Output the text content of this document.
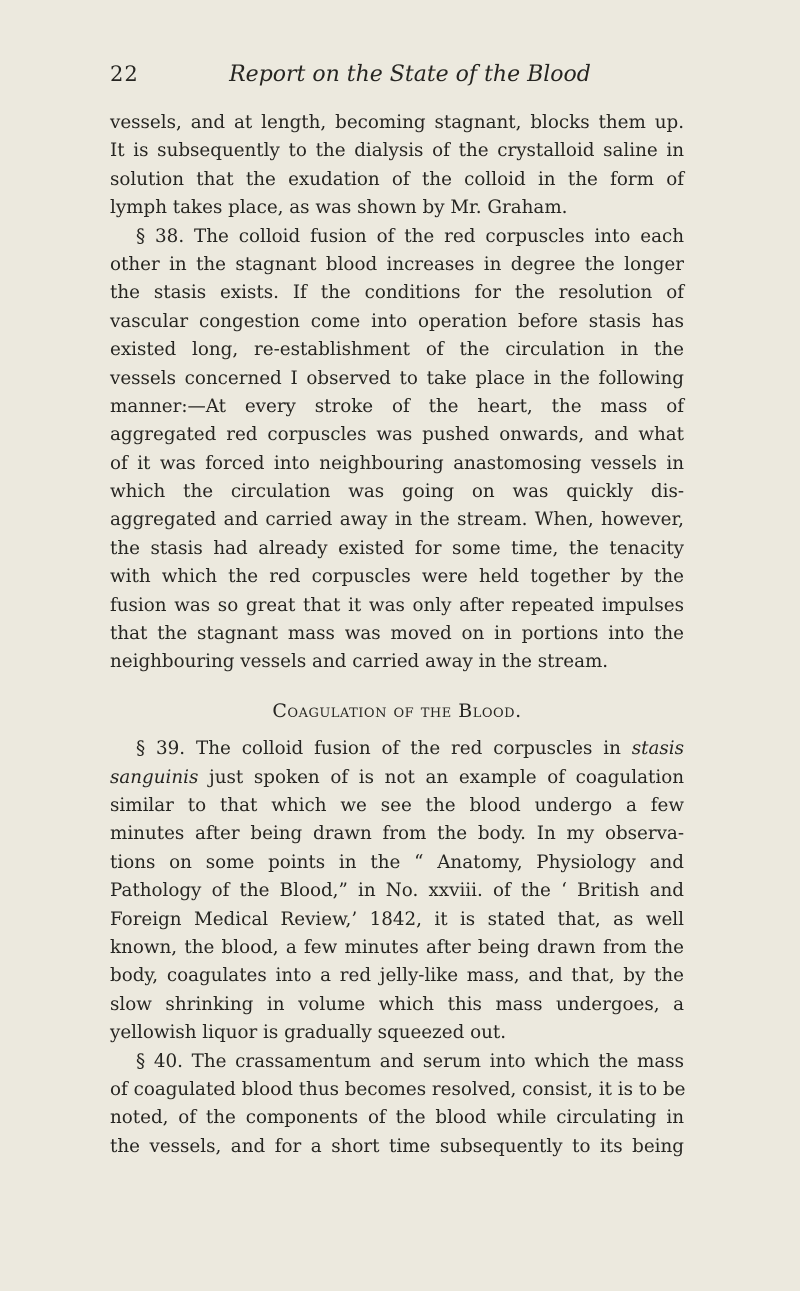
22	Report on the State of the Blood
vessels, and at length, becoming stagnant, blocks them up.
It is subsequently to the dialysis of the crystalloid saline in
solution that the exudation of the colloid in the form of
lymph takes place, as was shown by Mr. Graham.
§ 38. The colloid fusion of the red corpuscles into each
other in the stagnant blood increases in degree the longer
the stasis exists. If the conditions for the resolution of
vascular congestion come into operation before stasis has
existed long, re-establishment of the circulation in the
vessels concerned I observed to take place in the following
manner:—At every stroke of the heart, the mass of
aggregated red corpuscles was pushed onwards, and what
of it was forced into neighbouring anastomosing vessels in
which the circulation was going on was quickly dis-
aggregated and carried away in the stream. When, however,
the stasis had already existed for some time, the tenacity
with which the red corpuscles were held together by the
fusion was so great that it was only after repeated impulses
that the stagnant mass was moved on in portions into the
neighbouring vessels and carried away in the stream.
Coagulation of the Blood.
§ 39. The colloid fusion of the red corpuscles in stasis
sanguinis just spoken of is not an example of coagulation
similar to that which we see the blood undergo a few
minutes after being drawn from the body. In my observa-
tions on some points in the “ Anatomy, Physiology and
Pathology of the Blood,” in No. xxviii. of the ‘ British and
Foreign Medical Review,’ 1842, it is stated that, as well
known, the blood, a few minutes after being drawn from the
body, coagulates into a red jelly-like mass, and that, by the
slow shrinking in volume which this mass undergoes, a
yellowish liquor is gradually squeezed out.
§ 40. The crassamentum and serum into which the mass
of coagulated blood thus becomes resolved, consist, it is to be
noted, of the components of the blood while circulating in
the vessels, and for a short time subsequently to its being
